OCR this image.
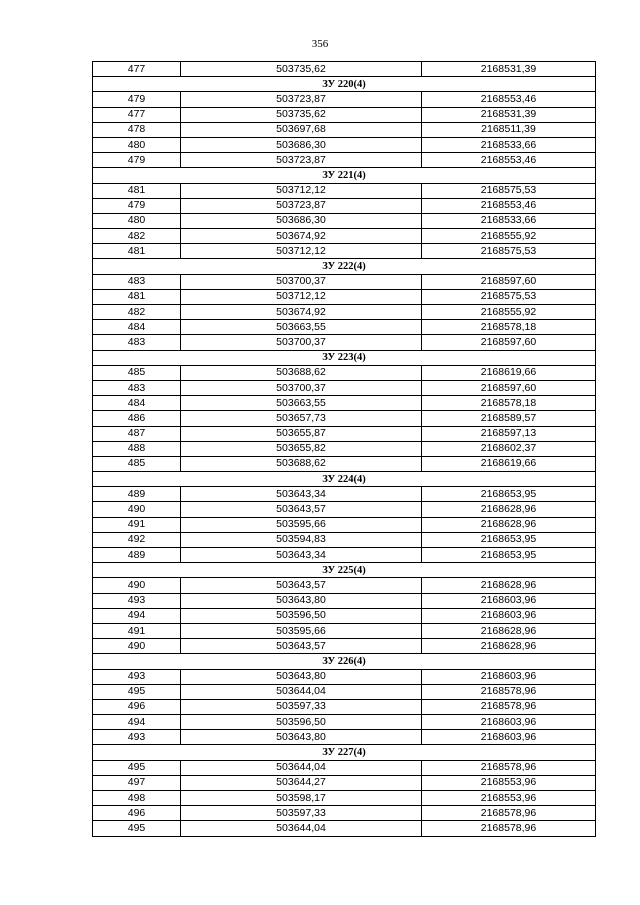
356
477	503735,62	2168531,39
ЗУ 220(4)		
479	503723,87	2168553,46
477	503735,62	2168531,39
478	503697,68	2168511,39
480	503686,30	2168533,66
479	503723,87	2168553,46
ЗУ 221(4)		
481	503712,12	2168575,53
479	503723,87	2168553,46
480	503686,30	2168533,66
482	503674,92	2168555,92
481	503712,12	2168575,53
ЗУ 222(4)		
483	503700,37	2168597,60
481	503712,12	2168575,53
482	503674,92	2168555,92
484	503663,55	2168578,18
483	503700,37	2168597,60
ЗУ 223(4)		
485	503688,62	2168619,66
483	503700,37	2168597,60
484	503663,55	2168578,18
486	503657,73	2168589,57
487	503655,87	2168597,13
488	503655,82	2168602,37
485	503688,62	2168619,66
ЗУ 224(4)		
489	503643,34	2168653,95
490	503643,57	2168628,96
491	503595,66	2168628,96
492	503594,83	2168653,95
489	503643,34	2168653,95
ЗУ 225(4)		
490	503643,57	2168628,96
493	503643,80	2168603,96
494	503596,50	2168603,96
491	503595,66	2168628,96
490	503643,57	2168628,96
ЗУ 226(4)		
493	503643,80	2168603,96
495	503644,04	2168578,96
496	503597,33	2168578,96
494	503596,50	2168603,96
493	503643,80	2168603,96
ЗУ 227(4)		
495	503644,04	2168578,96
497	503644,27	2168553,96
498	503598,17	2168553,96
496	503597,33	2168578,96
495	503644,04	2168578,96
